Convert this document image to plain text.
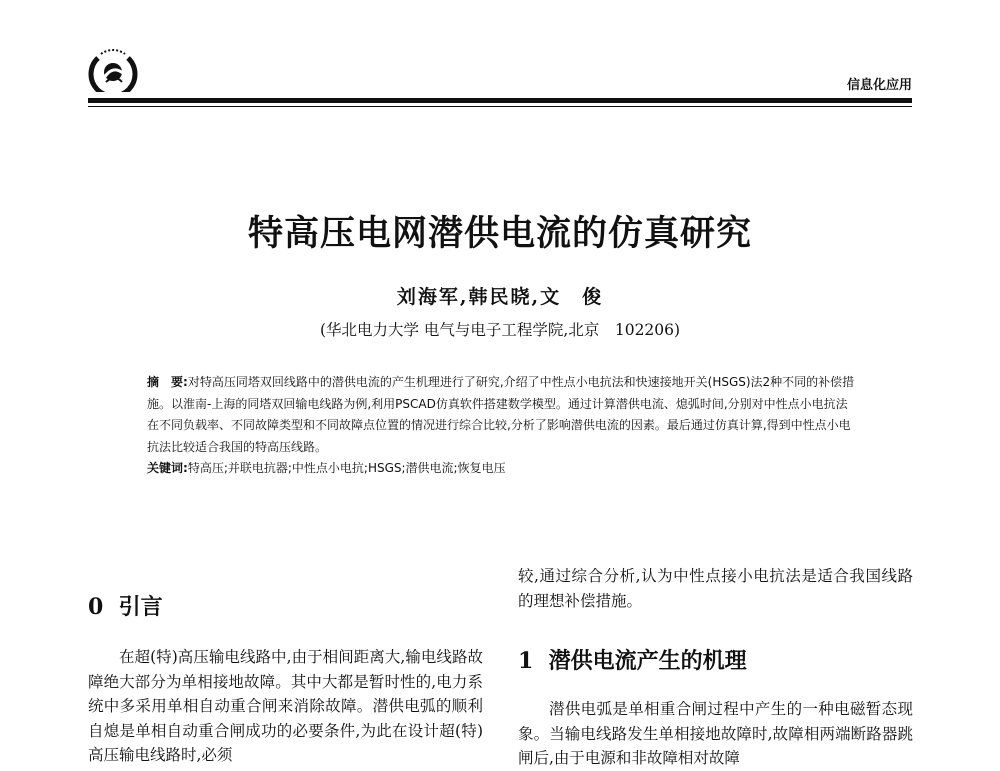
信息化应用
特高压电网潜供电流的仿真研究
刘海军,韩民晓,文　俊
(华北电力大学 电气与电子工程学院,北京　102206)

摘　要:对特高压同塔双回线路中的潜供电流的产生机理进行了研究,介绍了中性点小电抗法和快速接地开关(HSGS)法2种不同的补偿措施。以淮南-上海的同塔双回输电线路为例,利用PSCAD仿真软件搭建数学模型。通过计算潜供电流、熄弧时间,分别对中性点小电抗法在不同负载率、不同故障类型和不同故障点位置的情况进行综合比较,分析了影响潜供电流的因素。最后通过仿真计算,得到中性点小电抗法比较适合我国的特高压线路。

关键词:特高压;并联电抗器;中性点小电抗;HSGS;潜供电流;恢复电压

0 引言

在超(特)高压输电线路中,由于相间距离大,输电线路故障绝大部分为单相接地故障。其中大都是暂时性的,电力系统中多采用单相自动重合闸来消除故障。潜供电弧的顺利自熄是单相自动重合闸成功的必要条件,为此在设计超(特)高压输电线路时,必须

较,通过综合分析,认为中性点接小电抗法是适合我国线路的理想补偿措施。

1 潜供电流产生的机理

潜供电弧是单相重合闸过程中产生的一种电磁暂态现象。当输电线路发生单相接地故障时,故障相两端断路器跳闸后,由于电源和非故障相对故障
